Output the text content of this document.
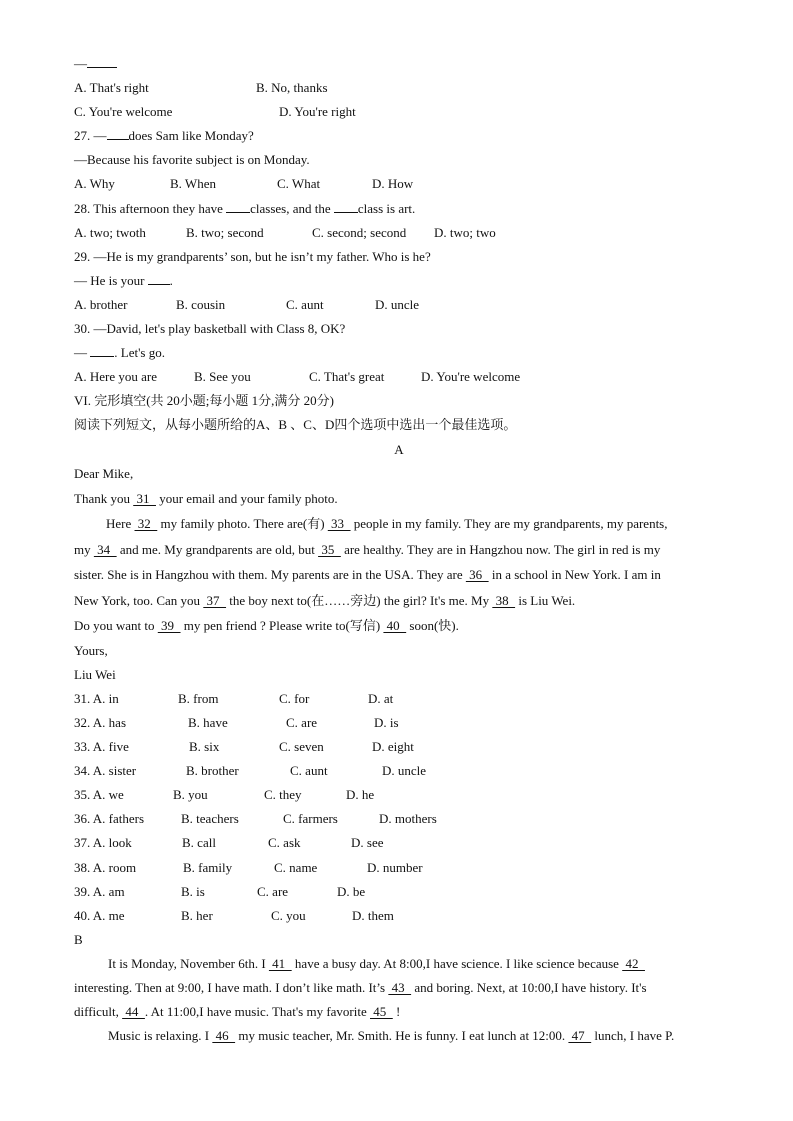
—
A. That's right	B. No, thanks
C. You're welcome	D. You're right
27. — does Sam like Monday?
—Because his favorite subject is on Monday.
A. Why	B. When	C. What	D. How
28. This afternoon they have classes, and the class is art.
A. two; twoth	B. two; second	C. second; second D. two; two
29. —He is my grandparents’ son, but he isn’t my father. Who is he?
— He is your .
A. brother	B. cousin	C. aunt	D. uncle
30. —David, let's play basketball with Class 8, OK?
— . Let's go.
A. Here you are	B. See you	C. That's great	D. You're welcome
VI. 完形填空(共 20小题;每小题 1分,满分 20分)
阅读下列短文，从每小题所给的A、B 、C、D四个选项中选出一个最佳选项。
A
Dear Mike,
Thank you  31   your email and your family photo.
Here  32   my family photo. There are(有)  33   people in my family. They are my grandparents, my parents,
my  34   and me. My grandparents are old, but  35   are healthy. They are in Hangzhou now. The girl in red is my
sister. She is in Hangzhou with them. My parents are in the USA. They are  36   in a school in New York. I am in
New York, too. Can you  37   the boy next to(在……旁边) the girl? It's me. My  38   is Liu Wei.
Do you want to  39   my pen friend ? Please write to(写信)  40   soon(快).
Yours,
Liu Wei
31. A. in	B. from	C. for	D. at
32. A. has	B. have	C. are	D. is
33. A. five	B. six	C. seven	D. eight
34. A. sister	B. brother	C. aunt	D. uncle
35. A. we	B. you	C. they	D. he
36. A. fathers	B. teachers	C. farmers	D. mothers
37. A. look	B. call	C. ask	D. see
38. A. room	B. family	C. name	D. number
39. A. am	B. is	C. are	D. be
40. A. me	B. her	C. you	D. them
B
It is Monday, November 6th. I  41   have a busy day. At 8:00,I have science. I like science because  42
interesting. Then at 9:00, I have math. I don’t like math. It’s  43   and boring. Next, at 10:00,I have history. It's
difficult,  44  . At 11:00,I have music. That's my favorite  45   !
Music is relaxing. I  46   my music teacher, Mr. Smith. He is funny. I eat lunch at 12:00.  47   lunch, I have P.
